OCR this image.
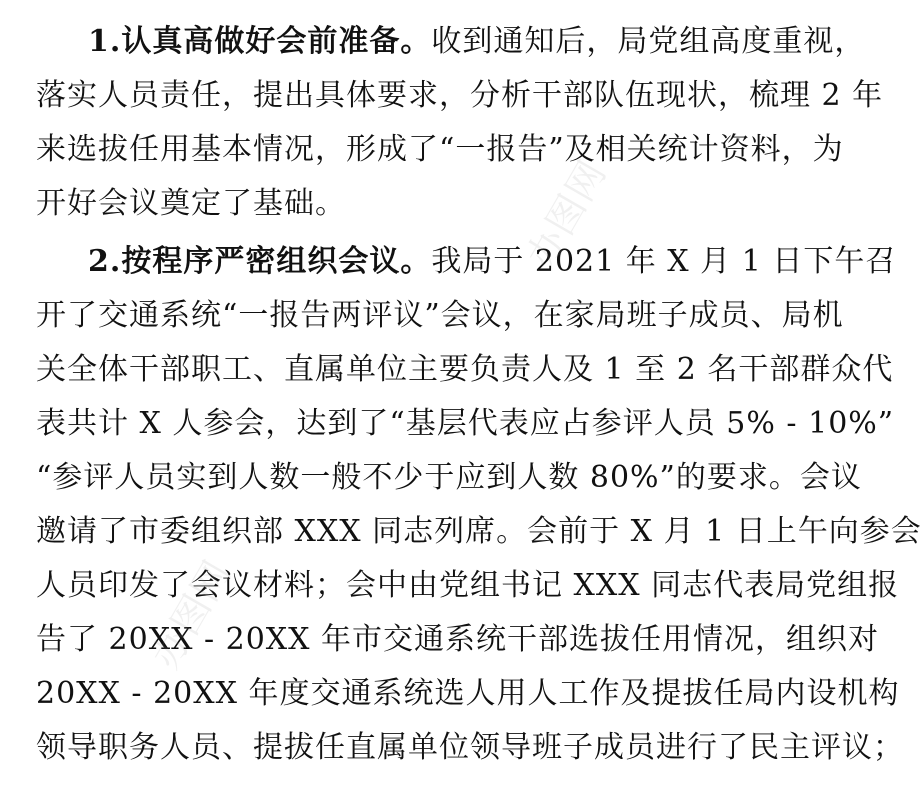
1.认真高做好会前准备。收到通知后，局党组高度重视，
落实人员责任，提出具体要求，分析干部队伍现状，梳理 2 年
来选拔任用基本情况，形成了“一报告”及相关统计资料，为
开好会议奠定了基础。
2.按程序严密组织会议。我局于 2021 年 X 月 1 日下午召
开了交通系统“一报告两评议”会议，在家局班子成员、局机
关全体干部职工、直属单位主要负责人及 1 至 2 名干部群众代
表共计 X 人参会，达到了“基层代表应占参评人员 5% - 10%”
“参评人员实到人数一般不少于应到人数 80%”的要求。会议
邀请了市委组织部 XXX 同志列席。会前于 X 月 1 日上午向参会
人员印发了会议材料；会中由党组书记 XXX 同志代表局党组报
告了 20XX - 20XX 年市交通系统干部选拔任用情况，组织对
20XX - 20XX 年度交通系统选人用人工作及提拔任局内设机构
领导职务人员、提拔任直属单位领导班子成员进行了民主评议；
办图网
办图网
